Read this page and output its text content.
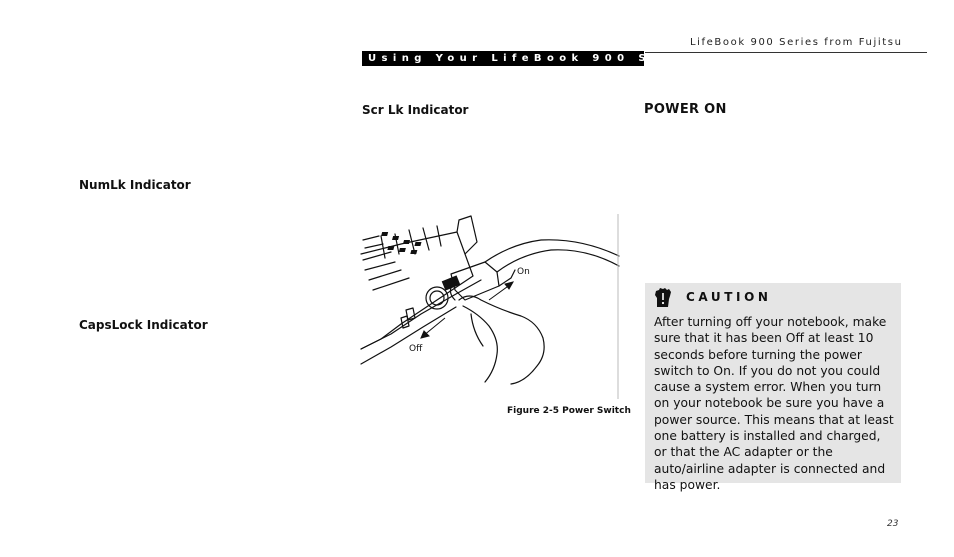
LifeBook 900 Series from Fujitsu
Using Your LifeBook 900 Series
Scr Lk Indicator
NumLk Indicator
CapsLock Indicator
POWER ON
On
Off
Figure 2-5 Power Switch
CAUTION
After turning off your notebook, make sure that it has been Off at least 10 seconds before turning the power switch to On. If you do not you could cause a system error. When you turn on your notebook be sure you have a power source. This means that at least one battery is installed and charged, or that the AC adapter or the auto/airline adapter is connected and has power.
23
